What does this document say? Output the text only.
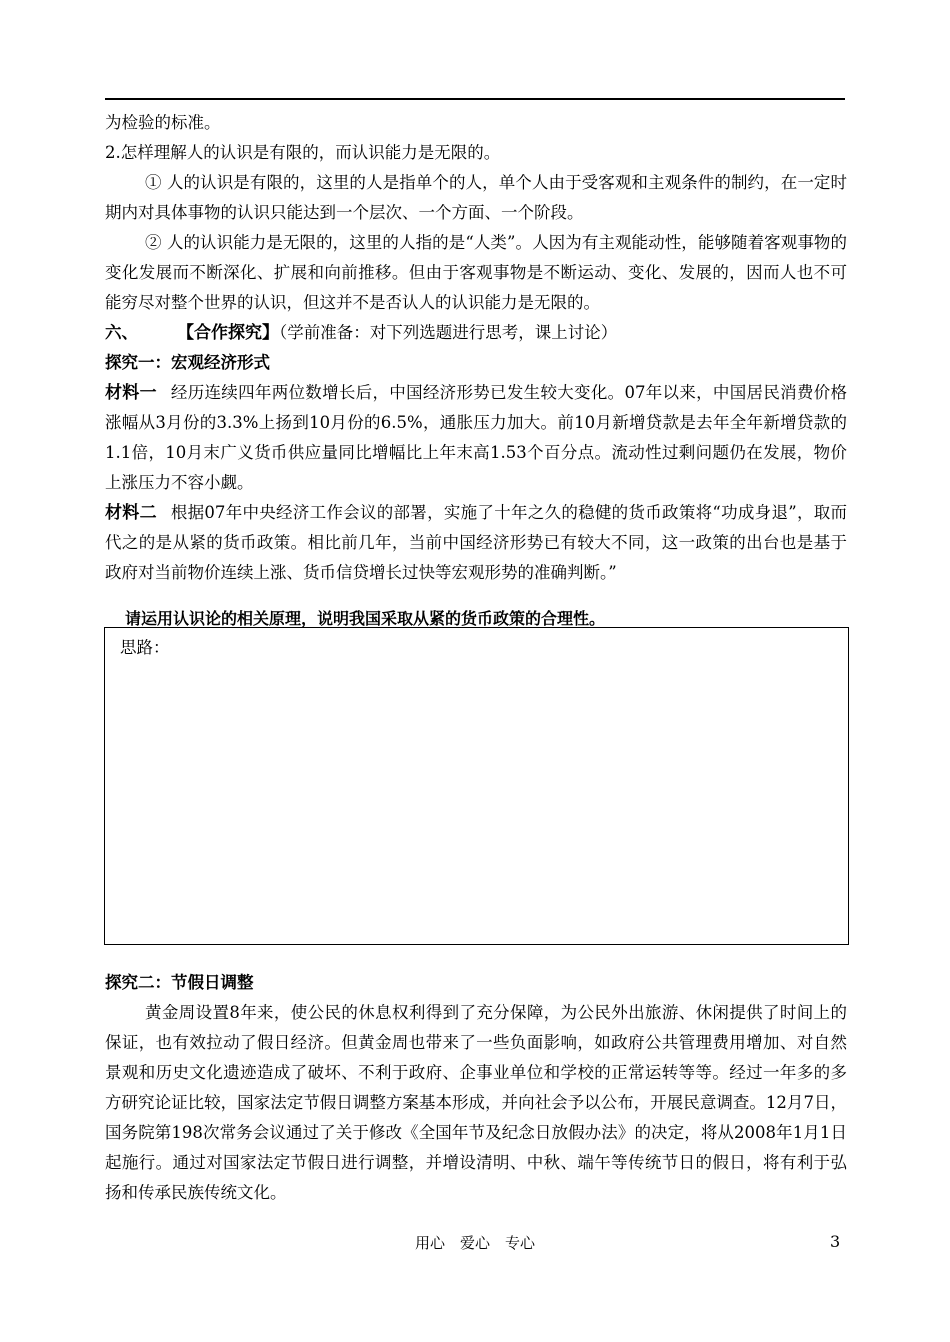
为检验的标准。

2.怎样理解人的认识是有限的，而认识能力是无限的。

① 人的认识是有限的，这里的人是指单个的人，单个人由于受客观和主观条件的制约，在一定时期内对具体事物的认识只能达到一个层次、一个方面、一个阶段。

② 人的认识能力是无限的，这里的人指的是“人类”。人因为有主观能动性，能够随着客观事物的变化发展而不断深化、扩展和向前推移。但由于客观事物是不断运动、变化、发展的，因而人也不可能穷尽对整个世界的认识，但这并不是否认人的认识能力是无限的。

六、 【合作探究】（学前准备：对下列选题进行思考，课上讨论）

探究一：宏观经济形式

材料一 经历连续四年两位数增长后，中国经济形势已发生较大变化。07年以来，中国居民消费价格涨幅从3月份的3.3%上扬到10月份的6.5%，通胀压力加大。前10月新增贷款是去年全年新增贷款的1.1倍，10月末广义货币供应量同比增幅比上年末高1.53个百分点。流动性过剩问题仍在发展，物价上涨压力不容小觑。

材料二 根据07年中央经济工作会议的部署，实施了十年之久的稳健的货币政策将“功成身退”，取而代之的是从紧的货币政策。相比前几年，当前中国经济形势已有较大不同，这一政策的出台也是基于政府对当前物价连续上涨、货币信贷增长过快等宏观形势的准确判断。”

请运用认识论的相关原理，说明我国采取从紧的货币政策的合理性。

思路：

探究二：节假日调整

黄金周设置8年来，使公民的休息权利得到了充分保障，为公民外出旅游、休闲提供了时间上的保证，也有效拉动了假日经济。但黄金周也带来了一些负面影响，如政府公共管理费用增加、对自然景观和历史文化遗迹造成了破坏、不利于政府、企事业单位和学校的正常运转等等。经过一年多的多方研究论证比较，国家法定节假日调整方案基本形成，并向社会予以公布，开展民意调查。12月7日，国务院第198次常务会议通过了关于修改《全国年节及纪念日放假办法》的决定，将从2008年1月1日起施行。通过对国家法定节假日进行调整，并增设清明、中秋、端午等传统节日的假日，将有利于弘扬和传承民族传统文化。

用心　爱心　专心	3
